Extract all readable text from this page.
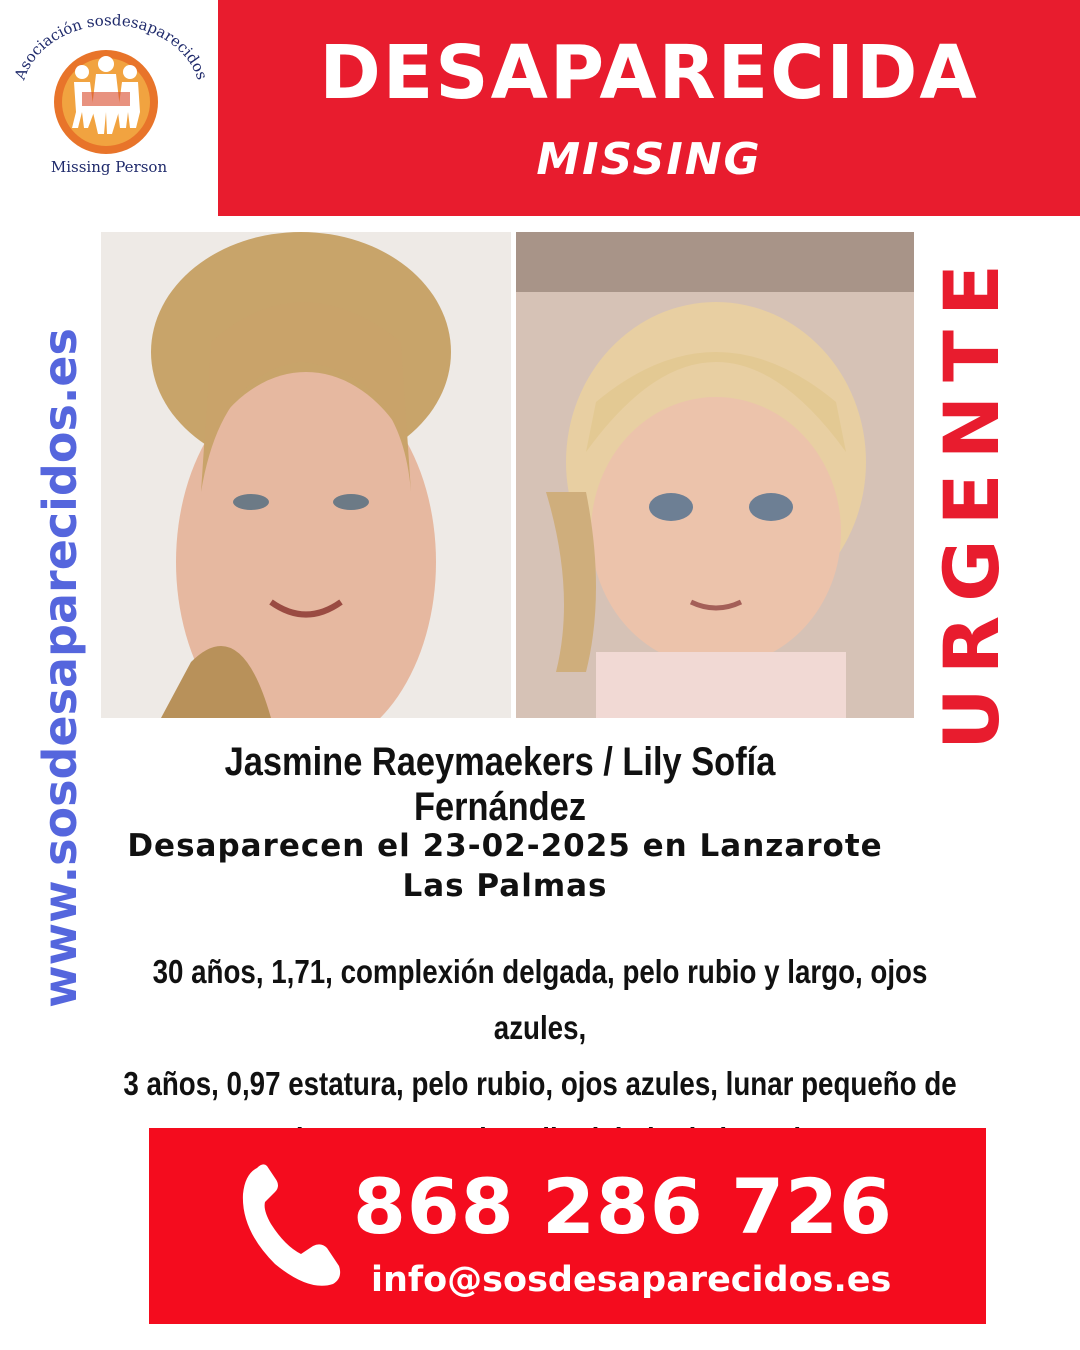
Asociación sosdesaparecidos
Missing Person
DESAPARECIDA
MISSING
www.sosdesaparecidos.es	URGENTE
Jasmine Raeymaekers / Lily Sofía Fernández
Desaparecen el 23-02-2025 en Lanzarote
Las Palmas
30 años, 1,71, complexión delgada, pelo rubio y largo, ojos azules,
3 años, 0,97 estatura, pelo rubio, ojos azules, lunar pequeño de
868 286 726
info@sosdesaparecidos.es
